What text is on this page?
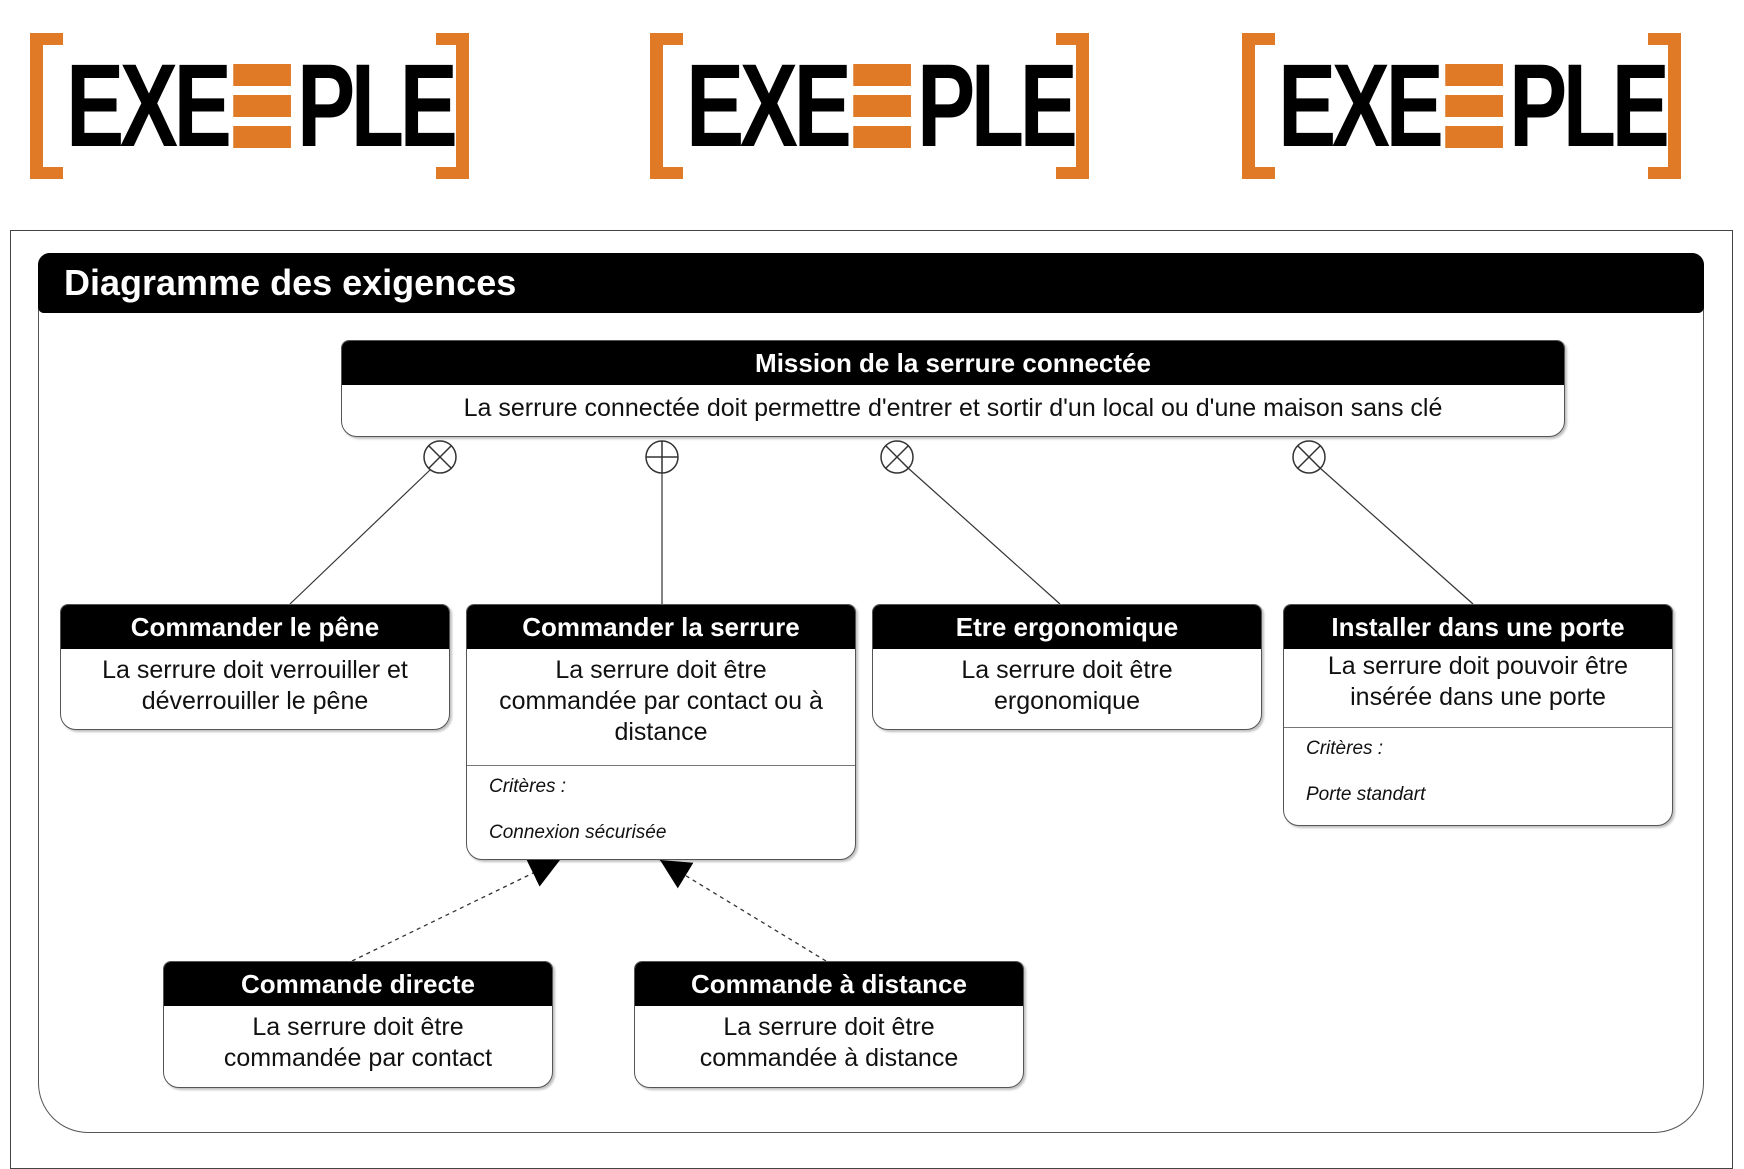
EXE PLE EXE PLE EXE PLE
Diagramme des exigences
Mission de la serrure connectée
La serrure connectée doit permettre d'entrer et sortir d'un local ou d'une maison sans clé
Commander le pêne
La serrure doit verrouiller et déverrouiller le pêne
Commander la serrure
La serrure doit être commandée par contact ou à distance
Critères :
Connexion sécurisée
Etre ergonomique
La serrure doit être ergonomique
Installer dans une porte
La serrure doit pouvoir être insérée dans une porte
Critères :
Porte standart
Commande directe
La serrure doit être commandée par contact
Commande à distance
La serrure doit être commandée à distance
